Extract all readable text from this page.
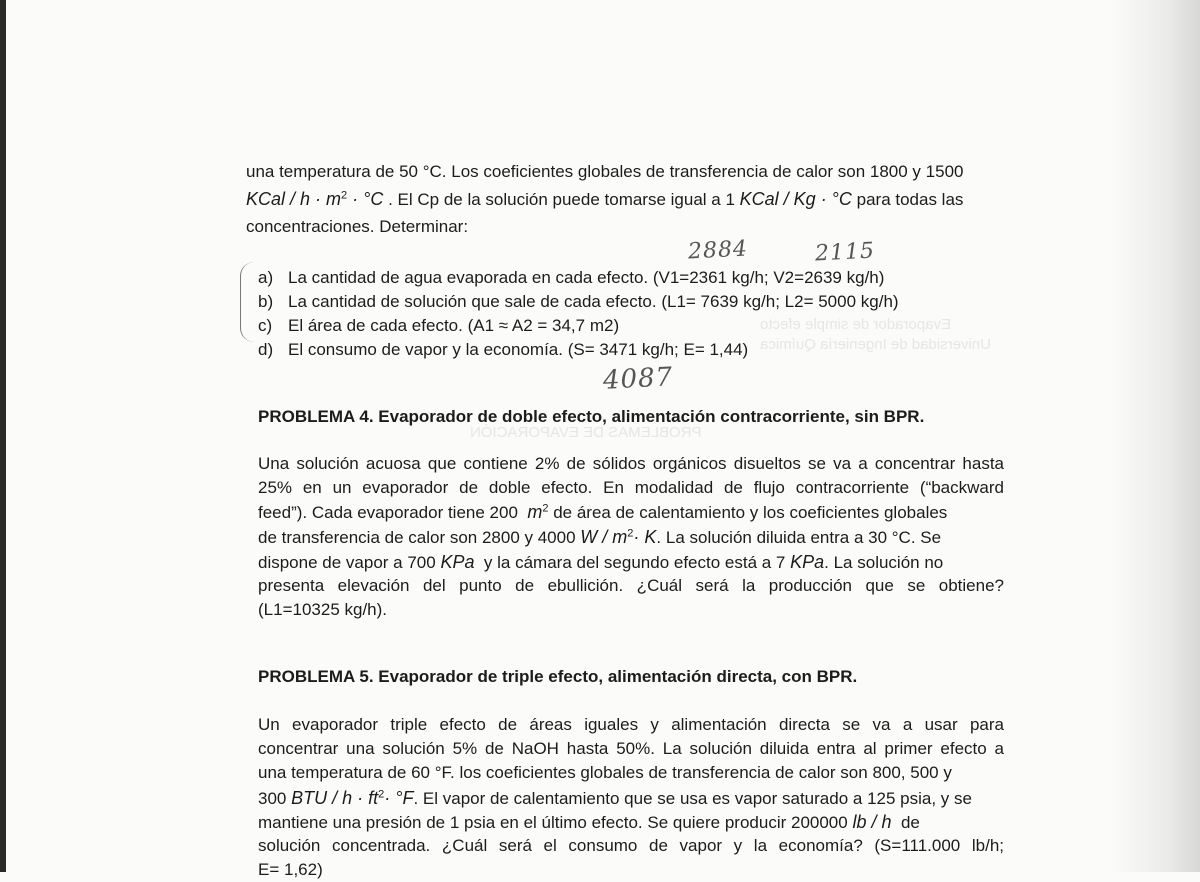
PROBLEMAS DE EVAPORACIÓN
Evaporador de simple efecto
Universidad de Ingeniería Química
una temperatura de 50 °C. Los coeficientes globales de transferencia de calor son 1800 y 1500
KCal / $h \cdot m^2 \cdot ^\circ C$ . El Cp de la solución puede tomarse igual a 1 KCal / Kg · °C para todas las
concentraciones. Determinar:
2884	2115
4087
a) La cantidad de agua evaporada en cada efecto. (V1=2361 kg/h; V2=2639 kg/h)
b) La cantidad de solución que sale de cada efecto. (L1= 7639 kg/h; L2= 5000 kg/h)
c) El área de cada efecto. (A1 ≈ A2 = 34,7 m2)
d) El consumo de vapor y la economía. (S= 3471 kg/h; E= 1,44)
PROBLEMA 4. Evaporador de doble efecto, alimentación contracorriente, sin BPR.
Una solución acuosa que contiene 2% de sólidos orgánicos disueltos se va a concentrar hasta
25% en un evaporador de doble efecto. En modalidad de flujo contracorriente (“backward
feed”). Cada evaporador tiene 200 $m^2$ de área de calentamiento y los coeficientes globales
de transferencia de calor son 2800 y 4000 $W / m^2\cdot K$. La solución diluida entra a 30 °C. Se
dispone de vapor a 700 KPa y la cámara del segundo efecto está a 7 KPa. La solución no
presenta elevación del punto de ebullición. ¿Cuál será la producción que se obtiene?
(L1=10325 kg/h).
PROBLEMA 5. Evaporador de triple efecto, alimentación directa, con BPR.
Un evaporador triple efecto de áreas iguales y alimentación directa se va a usar para
concentrar una solución 5% de NaOH hasta 50%. La solución diluida entra al primer efecto a
una temperatura de 60 °F. los coeficientes globales de transferencia de calor son 800, 500 y
300 BTU / $h \cdot ft^2\cdot ^\circ F$. El vapor de calentamiento que se usa es vapor saturado a 125 psia, y se
mantiene una presión de 1 psia en el último efecto. Se quiere producir 200000 lb / h de
solución concentrada. ¿Cuál será el consumo de vapor y la economía? (S=111.000 lb/h;
E= 1,62)
